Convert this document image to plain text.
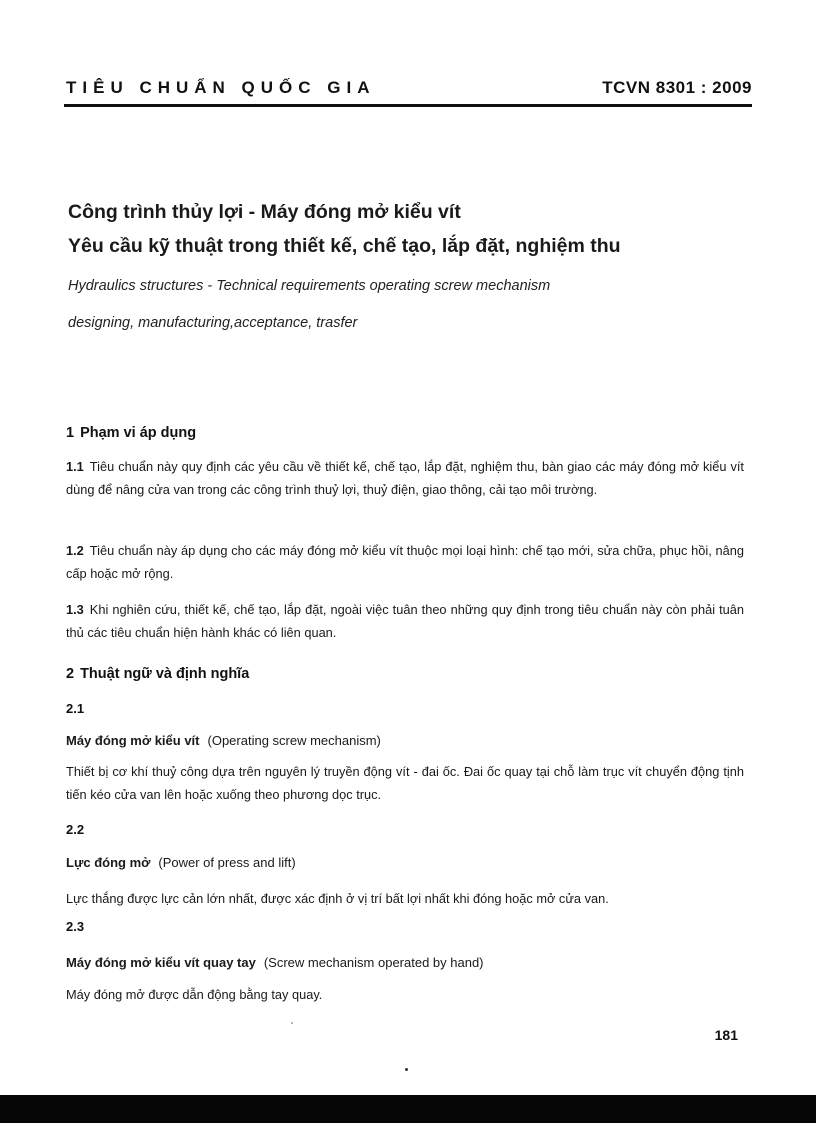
TIÊU CHUẨN QUỐC GIA	TCVN 8301 : 2009
Công trình thủy lợi - Máy đóng mở kiểu vít
Yêu cầu kỹ thuật trong thiết kế, chế tạo, lắp đặt, nghiệm thu
Hydraulics structures - Technical requirements operating screw mechanism
designing, manufacturing,acceptance, trasfer
1 Phạm vi áp dụng
1.1 Tiêu chuẩn này quy định các yêu cầu về thiết kế, chế tạo, lắp đặt, nghiệm thu, bàn giao các máy đóng mở kiểu vít dùng để nâng cửa van trong các công trình thuỷ lợi, thuỷ điện, giao thông, cải tạo môi trường.
1.2 Tiêu chuẩn này áp dụng cho các máy đóng mở kiểu vít thuộc mọi loại hình: chế tạo mới, sửa chữa, phục hồi, nâng cấp hoặc mở rộng.
1.3 Khi nghiên cứu, thiết kế, chế tạo, lắp đặt, ngoài việc tuân theo những quy định trong tiêu chuẩn này còn phải tuân thủ các tiêu chuẩn hiện hành khác có liên quan.
2 Thuật ngữ và định nghĩa
2.1
Máy đóng mở kiểu vít (Operating screw mechanism)
Thiết bị cơ khí thuỷ công dựa trên nguyên lý truyền động vít - đai ốc. Đai ốc quay tại chỗ làm trục vít chuyển động tịnh tiến kéo cửa van lên hoặc xuống theo phương dọc trục.
2.2
Lực đóng mở (Power of press and lift)
Lực thắng được lực cản lớn nhất, được xác định ở vị trí bất lợi nhất khi đóng hoặc mở cửa van.
2.3
Máy đóng mở kiểu vít quay tay (Screw mechanism operated by hand)
Máy đóng mở được dẫn động bằng tay quay.
181
